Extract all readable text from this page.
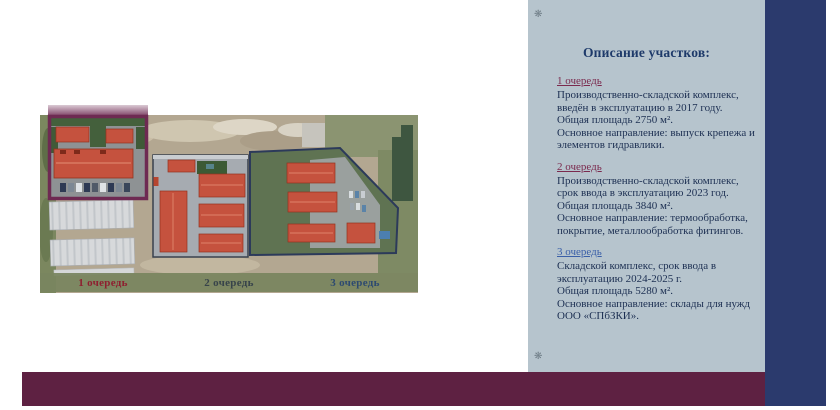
1 очередь	2 очередь	3 очередь
❋
❋
Описание участков:
1 очередь
Производственно-складской комплекс,
введён в эксплуатацию в 2017 году.
Общая площадь 2750 м².
Основное направление: выпуск крепежа и
элементов гидравлики.
2 очередь
Производственно-складской комплекс,
срок ввода в эксплуатацию 2023 год.
Общая площадь 3840 м².
Основное направление: термообработка,
покрытие, металлообработка фитингов.
3 очередь
Складской комплекс, срок ввода в
эксплуатацию 2024-2025 г.
Общая площадь 5280 м².
Основное направление: склады для нужд
ООО «СПбЗКИ».
